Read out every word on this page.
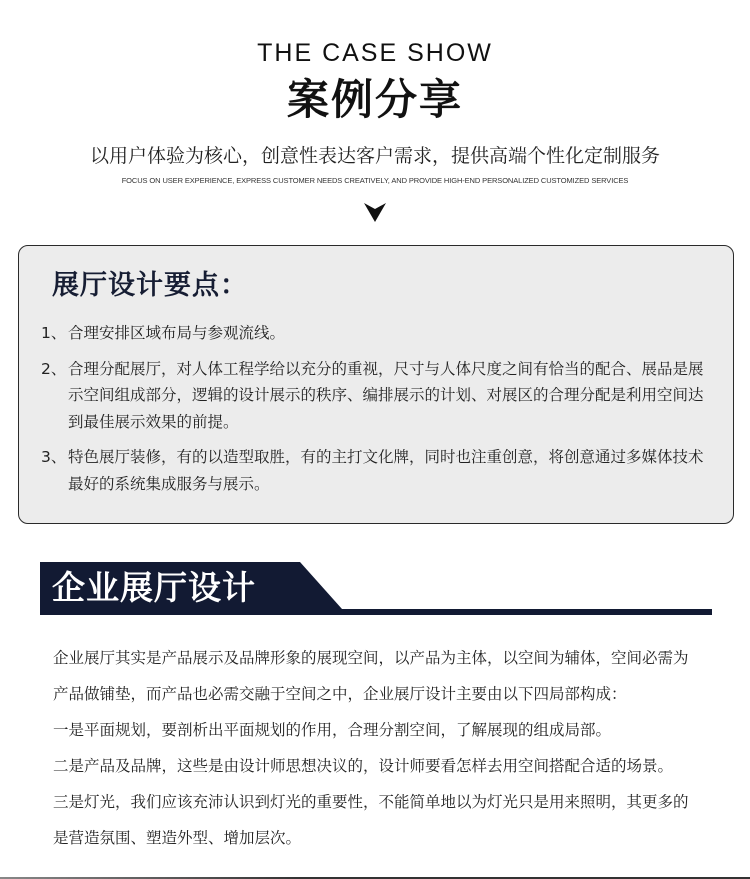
THE CASE SHOW
案例分享
以用户体验为核心，创意性表达客户需求，提供高端个性化定制服务
FOCUS ON USER EXPERIENCE, EXPRESS CUSTOMER NEEDS CREATIVELY, AND PROVIDE HIGH-END PERSONALIZED CUSTOMIZED SERVICES
展厅设计要点：
1、 合理安排区域布局与参观流线。
2、 合理分配展厅，对人体工程学给以充分的重视，尺寸与人体尺度之间有恰当的配合、展品是展示空间组成部分，逻辑的设计展示的秩序、编排展示的计划、对展区的合理分配是利用空间达到最佳展示效果的前提。
3、 特色展厅装修，有的以造型取胜，有的主打文化牌，同时也注重创意，将创意通过多媒体技术最好的系统集成服务与展示。
企业展厅设计

企业展厅其实是产品展示及品牌形象的展现空间，以产品为主体，以空间为辅体，空间必需为

产品做铺垫，而产品也必需交融于空间之中，企业展厅设计主要由以下四局部构成：

一是平面规划，要剖析出平面规划的作用，合理分割空间，了解展现的组成局部。

二是产品及品牌，这些是由设计师思想决议的，设计师要看怎样去用空间搭配合适的场景。

三是灯光，我们应该充沛认识到灯光的重要性，不能简单地以为灯光只是用来照明，其更多的

是营造氛围、塑造外型、增加层次。
